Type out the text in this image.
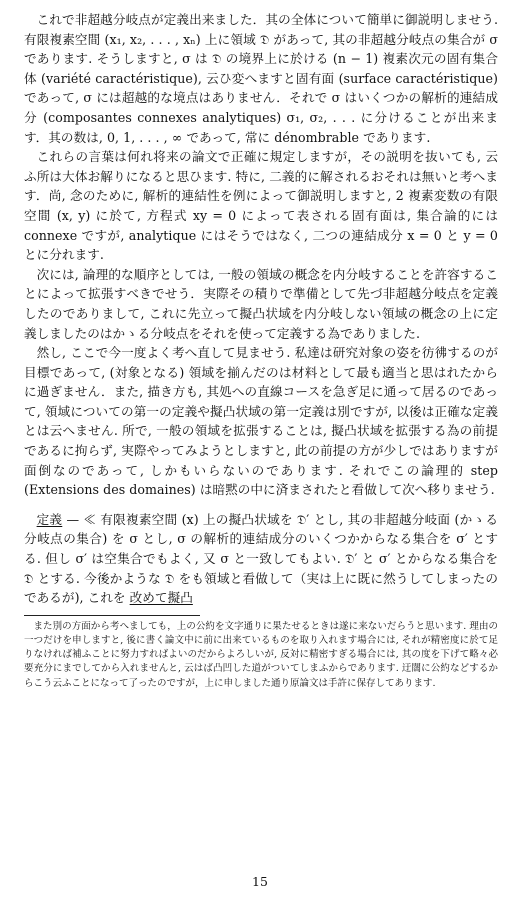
これで非超越分岐点が定義出来ました．其の全体について簡単に御説明しませう. 有限複素空間 (x₁, x₂, . . . , xₙ) 上に領域 𝔇 があって, 其の非超越分岐点の集合が σ であります. そうしますと, σ は 𝔇 の境界上に於ける (n − 1) 複素次元の固有集合体 (variété caractéristique), 云ひ変へますと固有面 (surface caractéristique) であって, σ には超越的な境点はありません．それで σ はいくつかの解析的連結成分 (composantes connexes analytiques) σ₁, σ₂, . . . に分けることが出来ます．其の数は, 0, 1, . . . , ∞ であって, 常に dénombrable であります.

これらの言葉は何れ将来の論文で正確に規定しますが，その説明を抜いても, 云ふ所は大体お解りになると思ひます. 特に, 二義的に解されるおそれは無いと考へます．尚, 念のために, 解析的連結性を例によって御説明しますと, 2 複素変数の有限空間 (x, y) に於て, 方程式 xy = 0 によって表される固有面は, 集合論的には connexe ですが, analytique にはそうではなく, 二つの連結成分 x = 0 と y = 0 とに分れます.

次には, 論理的な順序としては, 一般の領域の概念を内分岐することを許容することによって拡張すべきでせう．実際その積りで準備として先づ非超越分岐点を定義したのでありまして, これに先立って擬凸状域を内分岐しない領域の概念の上に定義しましたのはかゝる分岐点をそれを使って定義する為でありました.

然し, ここで今一度よく考へ直して見ませう. 私達は研究対象の姿を彷彿するのが目標であって, (対象となる) 領域を揃んだのは材料として最も適当と思はれたからに過ぎません．また, 描き方も, 其処への直線コースを急ぎ足に通って居るのであって, 領域についての第一の定義や擬凸状域の第一定義は別ですが, 以後は正確な定義とは云へません. 所で, 一般の領域を拡張することは, 擬凸状域を拡張する為の前提であるに拘らず, 実際やってみようとしますと, 此の前提の方が少しではありますが面倒なのであって, しかもいらないのであります. それでこの論理的 step (Extensions des domaines) は暗黙の中に済まされたと看做して次へ移りませう.

定義 — ≪ 有限複素空間 (x) 上の擬凸状域を 𝔇′ とし, 其の非超越分岐面 (かゝる分岐点の集合) を σ とし, σ の解析的連結成分のいくつかからなる集合を σ′ とする. 但し σ′ は空集合でもよく, 又 σ と一致してもよい. 𝔇′ と σ′ とからなる集合を 𝔇 とする. 今後かような 𝔇 をも領域と看做して（実は上に既に然うしてしまったのであるが), これを 改めて擬凸

また別の方面から考へましても，上の公約を文字通りに果たせるときは遂に来ないだらうと思います. 理由の一つだけを申しますと, 後に書く論文中に前に出来ているものを取り入れます場合には, それが精密度に於て足りなければ補ふことに努力すればよいのだからよろしいが, 反対に精密すぎる場合には, 其の度を下げて略々必要充分にまでしてから入れませんと, 云はば凸凹した道がついてしまふからであります. 迂闊に公約などするからこう云ふことになって了ったのですが，上に申しました通り原論文は手許に保存してあります.

15
